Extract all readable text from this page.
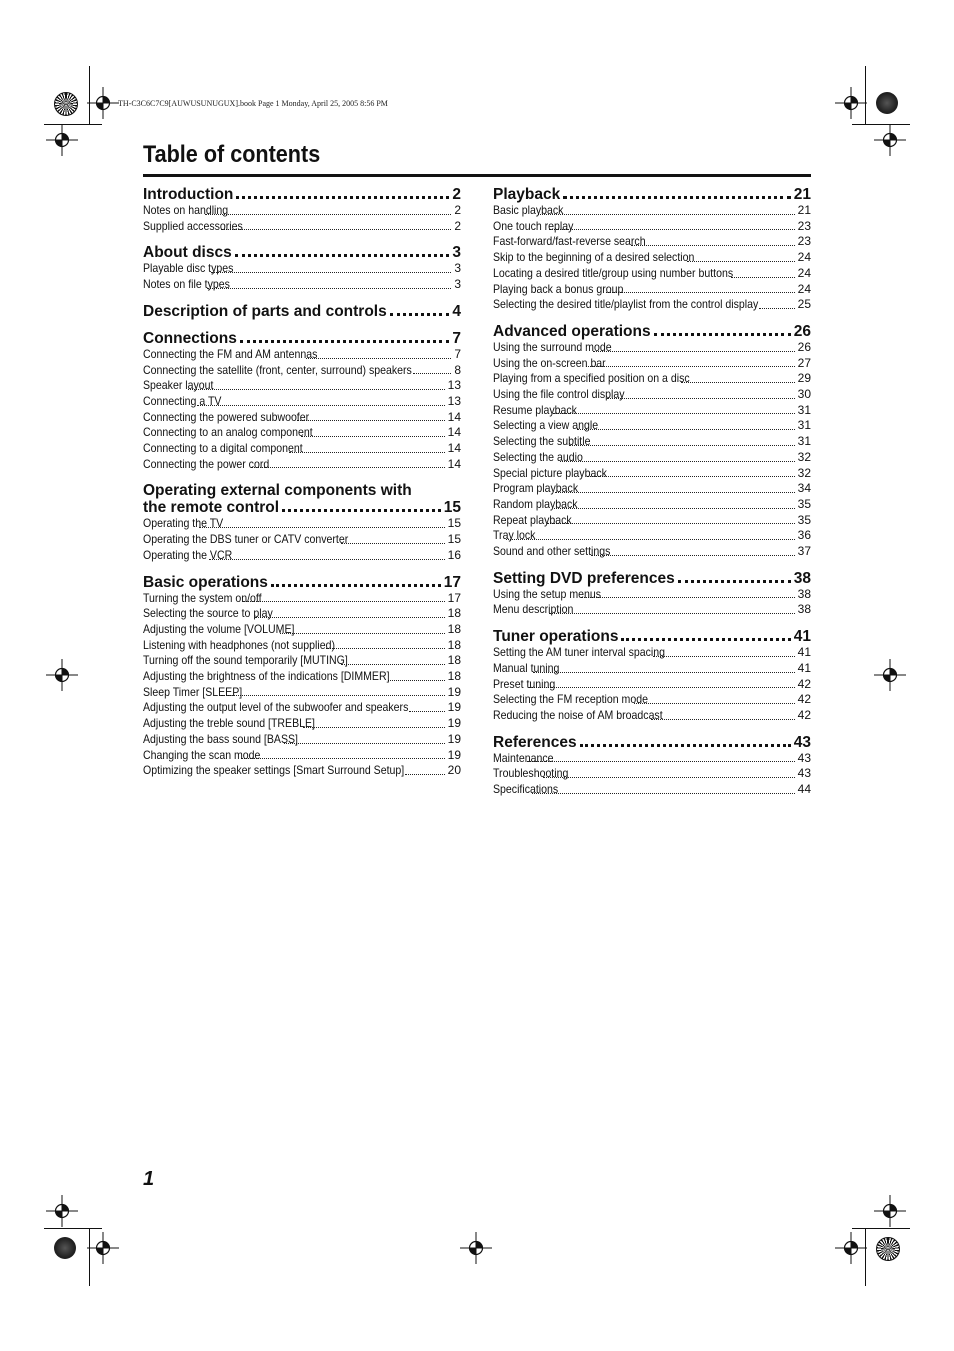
TH-C3C6C7C9[AUWUSUNUGUX].book Page 1 Monday, April 25, 2005 8:56 PM
Table of contents
Introduction	2
Notes on handling	2
Supplied accessories	2
About discs	3
Playable disc types	3
Notes on file types	3
Description of parts and controls	4
Connections	7
Connecting the FM and AM antennas	7
Connecting the satellite (front, center, surround) speakers	8
Speaker layout	13
Connecting a TV	13
Connecting the powered subwoofer	14
Connecting to an analog component	14
Connecting to a digital component	14
Connecting the power cord	14
Operating external components with
the remote control	15
Operating the TV	15
Operating the DBS tuner or CATV converter	15
Operating the VCR	16
Basic operations	17
Turning the system on/off	17
Selecting the source to play	18
Adjusting the volume [VOLUME]	18
Listening with headphones (not supplied)	18
Turning off the sound temporarily [MUTING]	18
Adjusting the brightness of the indications [DIMMER]	18
Sleep Timer [SLEEP]	19
Adjusting the output level of the subwoofer and speakers	19
Adjusting the treble sound [TREBLE]	19
Adjusting the bass sound [BASS]	19
Changing the scan mode	19
Optimizing the speaker settings [Smart Surround Setup]	20
Playback	21
Basic playback	21
One touch replay	23
Fast-forward/fast-reverse search	23
Skip to the beginning of a desired selection	24
Locating a desired title/group using number buttons	24
Playing back a bonus group	24
Selecting the desired title/playlist from the control display	25
Advanced operations	26
Using the surround mode	26
Using the on-screen bar	27
Playing from a specified position on a disc	29
Using the file control display	30
Resume playback	31
Selecting a view angle	31
Selecting the subtitle	31
Selecting the audio	32
Special picture playback	32
Program playback	34
Random playback	35
Repeat playback	35
Tray lock	36
Sound and other settings	37
Setting DVD preferences	38
Using the setup menus	38
Menu description	38
Tuner operations	41
Setting the AM tuner interval spacing	41
Manual tuning	41
Preset tuning	42
Selecting the FM reception mode	42
Reducing the noise of AM broadcast	42
References	43
Maintenance	43
Troubleshooting	43
Specifications	44
1
